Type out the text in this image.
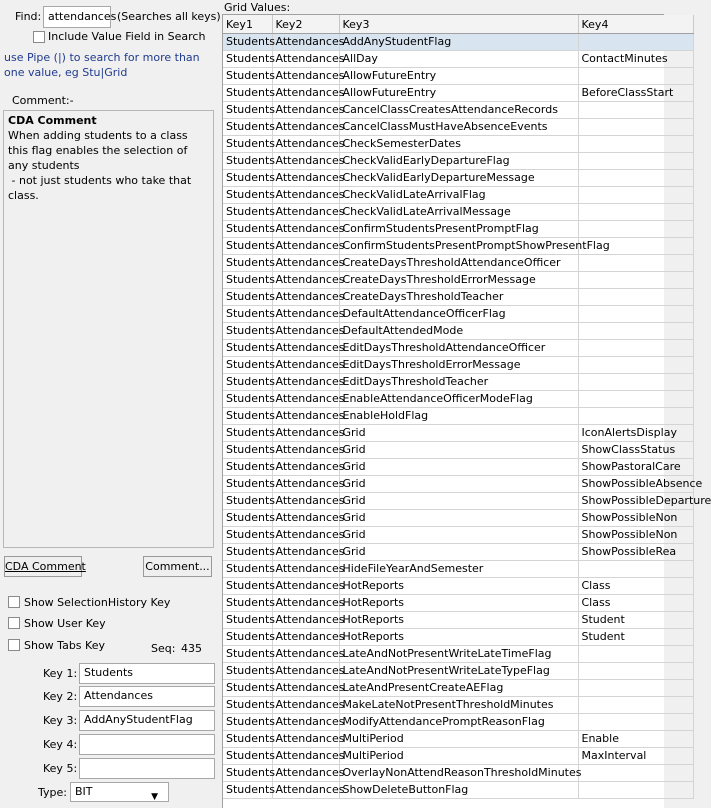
Find: attendances (Searches all keys)
Include Value Field in Search
use Pipe (|) to search for more than one value, eg Stu|Grid
Comment:-
CDA Comment
When adding students to a class this flag enables the selection of any students
- not just students who take that  class.
CDA Comment	Comment...
Show SelectionHistory Key
Show User Key
Show Tabs Key	Seq: 435
Key 1: Students
Key 2: Attendances
Key 3: AddAnyStudentFlag
Key 4:
Key 5:
Type: BIT	▼
Grid Values:
Key1	Key2	Key3	Key4
Students	Attendances	AddAnyStudentFlag	
Students	Attendances	AllDay	ContactMinutes
Students	Attendances	AllowFutureEntry	
Students	Attendances	AllowFutureEntry	BeforeClassStart
Students	Attendances	CancelClassCreatesAttendanceRecords	
Students	Attendances	CancelClassMustHaveAbsenceEvents	
Students	Attendances	CheckSemesterDates	
Students	Attendances	CheckValidEarlyDepartureFlag	
Students	Attendances	CheckValidEarlyDepartureMessage	
Students	Attendances	CheckValidLateArrivalFlag	
Students	Attendances	CheckValidLateArrivalMessage	
Students	Attendances	ConfirmStudentsPresentPromptFlag	
Students	Attendances	ConfirmStudentsPresentPromptShowPresentFlag	
Students	Attendances	CreateDaysThresholdAttendanceOfficer	
Students	Attendances	CreateDaysThresholdErrorMessage	
Students	Attendances	CreateDaysThresholdTeacher	
Students	Attendances	DefaultAttendanceOfficerFlag	
Students	Attendances	DefaultAttendedMode	
Students	Attendances	EditDaysThresholdAttendanceOfficer	
Students	Attendances	EditDaysThresholdErrorMessage	
Students	Attendances	EditDaysThresholdTeacher	
Students	Attendances	EnableAttendanceOfficerModeFlag	
Students	Attendances	EnableHoldFlag	
Students	Attendances	Grid	IconAlertsDisplay
Students	Attendances	Grid	ShowClassStatus
Students	Attendances	Grid	ShowPastoralCare
Students	Attendances	Grid	ShowPossibleAbsence
Students	Attendances	Grid	ShowPossibleDeparture
Students	Attendances	Grid	ShowPossibleNon
Students	Attendances	Grid	ShowPossibleNon
Students	Attendances	Grid	ShowPossibleRea
Students	Attendances	HideFileYearAndSemester	
Students	Attendances	HotReports	Class
Students	Attendances	HotReports	Class
Students	Attendances	HotReports	Student
Students	Attendances	HotReports	Student
Students	Attendances	LateAndNotPresentWriteLateTimeFlag	
Students	Attendances	LateAndNotPresentWriteLateTypeFlag	
Students	Attendances	LateAndPresentCreateAEFlag	
Students	Attendances	MakeLateNotPresentThresholdMinutes	
Students	Attendances	ModifyAttendancePromptReasonFlag	
Students	Attendances	MultiPeriod	Enable
Students	Attendances	MultiPeriod	MaxInterval
Students	Attendances	OverlayNonAttendReasonThresholdMinutes	
Students	Attendances	ShowDeleteButtonFlag	
